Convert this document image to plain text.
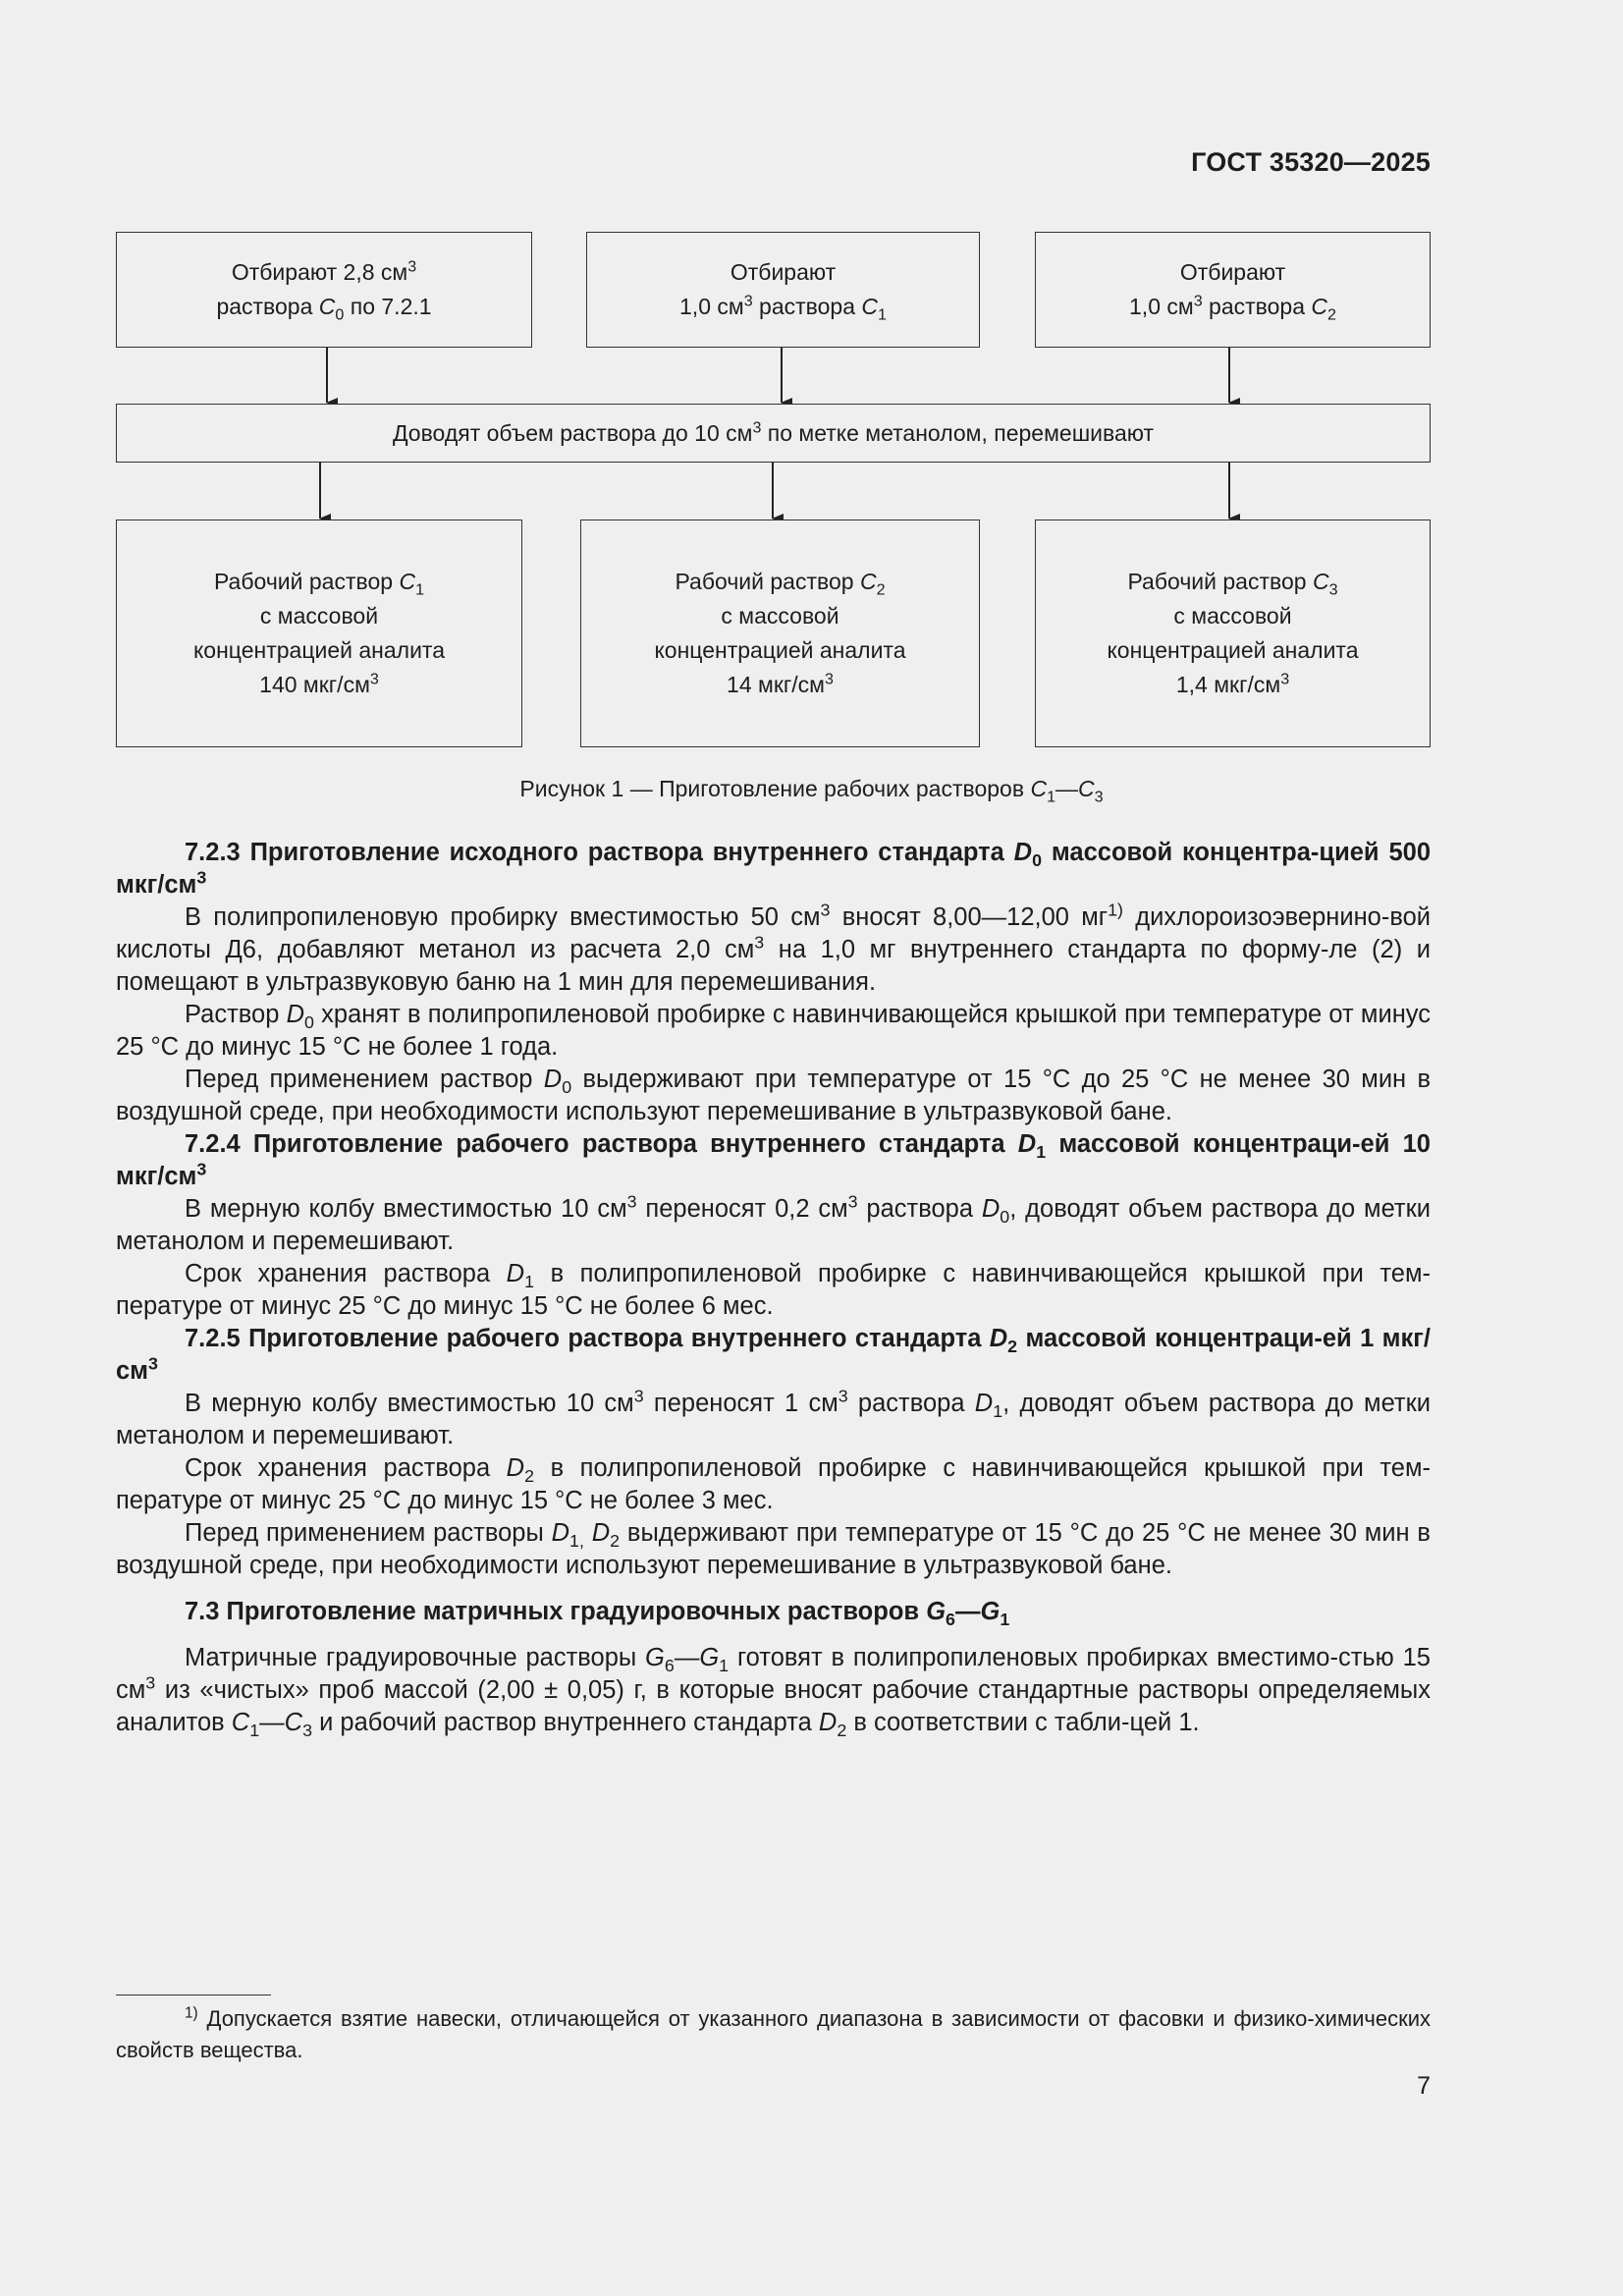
ГОСТ 35320—2025
Отбирают 2,8 $см^3$
раствора $C_0$ по 7.2.1
Отбирают
1,0 $см^3$ раствора $C_1$
Отбирают
1,0 $см^3$ раствора $C_2$
Доводят объем раствора до 10 $см^3$ по метке метанолом, перемешивают
Рабочий раствор $C_1$
с массовой
концентрацией аналита
140 мкг/$см^3$
Рабочий раствор $C_2$
с массовой
концентрацией аналита
14 мкг/$см^3$
Рабочий раствор $C_3$
с массовой
концентрацией аналита
1,4 мкг/$см^3$
Рисунок 1 — Приготовление рабочих растворов $C_1—C_3$

7.2.3 Приготовление исходного раствора внутреннего стандарта $D_0$ массовой концентра-цией 500 мкг/$см^3$

В полипропиленовую пробирку вместимостью 50 $см^3$ вносят 8,00—12,00 $мг^{1)}$ дихлороизоэвернино-вой кислоты Д6, добавляют метанол из расчета 2,0 $см^3$ на 1,0 мг внутреннего стандарта по форму-ле (2) и помещают в ультразвуковую баню на 1 мин для перемешивания.

Раствор $D_0$ хранят в полипропиленовой пробирке с навинчивающейся крышкой при температуре от минус 25 °C до минус 15 °C не более 1 года.

Перед применением раствор $D_0$ выдерживают при температуре от 15 °C до 25 °C не менее 30 мин в воздушной среде, при необходимости используют перемешивание в ультразвуковой бане.

7.2.4 Приготовление рабочего раствора внутреннего стандарта $D_1$ массовой концентраци-ей 10 мкг/$см^3$

В мерную колбу вместимостью 10 $см^3$ переносят 0,2 $см^3$ раствора $D_0$, доводят объем раствора до метки метанолом и перемешивают.

Срок хранения раствора $D_1$ в полипропиленовой пробирке с навинчивающейся крышкой при тем-пературе от минус 25 °C до минус 15 °C не более 6 мес.

7.2.5 Приготовление рабочего раствора внутреннего стандарта $D_2$ массовой концентраци-ей 1 мкг/$см^3$

В мерную колбу вместимостью 10 $см^3$ переносят 1 $см^3$ раствора $D_1$, доводят объем раствора до метки метанолом и перемешивают.

Срок хранения раствора $D_2$ в полипропиленовой пробирке с навинчивающейся крышкой при тем-пературе от минус 25 °C до минус 15 °C не более 3 мес.

Перед применением растворы $D_{1,}$ $D_2$ выдерживают при температуре от 15 °C до 25 °C не менее 30 мин в воздушной среде, при необходимости используют перемешивание в ультразвуковой бане.

7.3 Приготовление матричных градуировочных растворов $G_6—G_1$

Матричные градуировочные растворы $G_6—G_1$ готовят в полипропиленовых пробирках вместимо-стью 15 $см^3$ из «чистых» проб массой (2,00 ± 0,05) г, в которые вносят рабочие стандартные растворы определяемых аналитов $C_1—C_3$ и рабочий раствор внутреннего стандарта $D_2$ в соответствии с табли-цей 1.

$^{1)}$ Допускается взятие навески, отличающейся от указанного диапазона в зависимости от фасовки и физико-химических свойств вещества.

7
